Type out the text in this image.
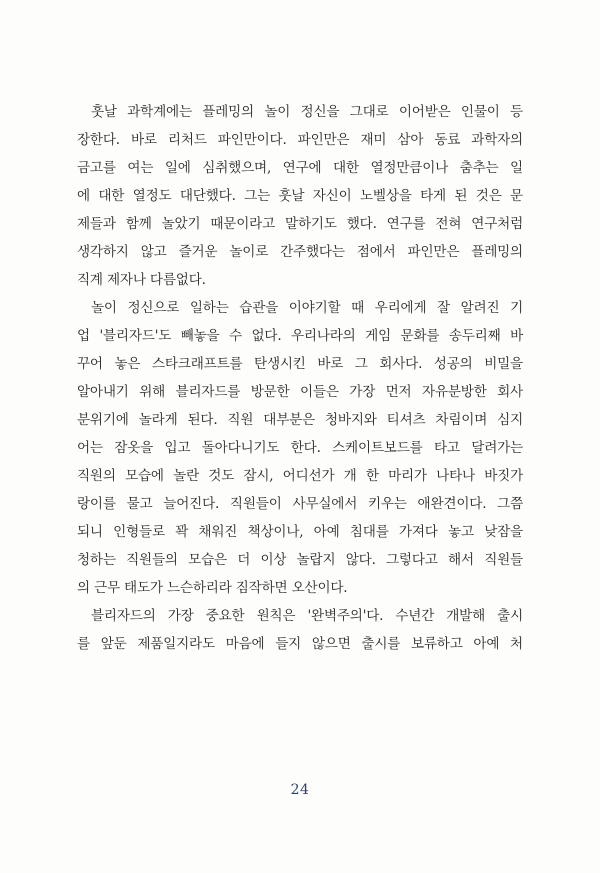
훗날 과학계에는 플레밍의 놀이 정신을 그대로 이어받은 인물이 등
장한다. 바로 리처드 파인만이다. 파인만은 재미 삼아 동료 과학자의
금고를 여는 일에 심취했으며, 연구에 대한 열정만큼이나 춤추는 일
에 대한 열정도 대단했다. 그는 훗날 자신이 노벨상을 타게 된 것은 문
제들과 함께 놀았기 때문이라고 말하기도 했다. 연구를 전혀 연구처럼
생각하지 않고 즐거운 놀이로 간주했다는 점에서 파인만은 플레밍의
직계 제자나 다름없다.
놀이 정신으로 일하는 습관을 이야기할 때 우리에게 잘 알려진 기
업 '블리자드'도 빼놓을 수 없다. 우리나라의 게임 문화를 송두리째 바
꾸어 놓은 스타크래프트를 탄생시킨 바로 그 회사다. 성공의 비밀을
알아내기 위해 블리자드를 방문한 이들은 가장 먼저 자유분방한 회사
분위기에 놀라게 된다. 직원 대부분은 청바지와 티셔츠 차림이며 심지
어는 잠옷을 입고 돌아다니기도 한다. 스케이트보드를 타고 달려가는
직원의 모습에 놀란 것도 잠시, 어디선가 개 한 마리가 나타나 바짓가
랑이를 물고 늘어진다. 직원들이 사무실에서 키우는 애완견이다. 그쯤
되니 인형들로 꽉 채워진 책상이나, 아예 침대를 가져다 놓고 낮잠을
청하는 직원들의 모습은 더 이상 놀랍지 않다. 그렇다고 해서 직원들
의 근무 태도가 느슨하리라 짐작하면 오산이다.
블리자드의 가장 중요한 원칙은 '완벽주의'다. 수년간 개발해 출시
를 앞둔 제품일지라도 마음에 들지 않으면 출시를 보류하고 아예 처
24
